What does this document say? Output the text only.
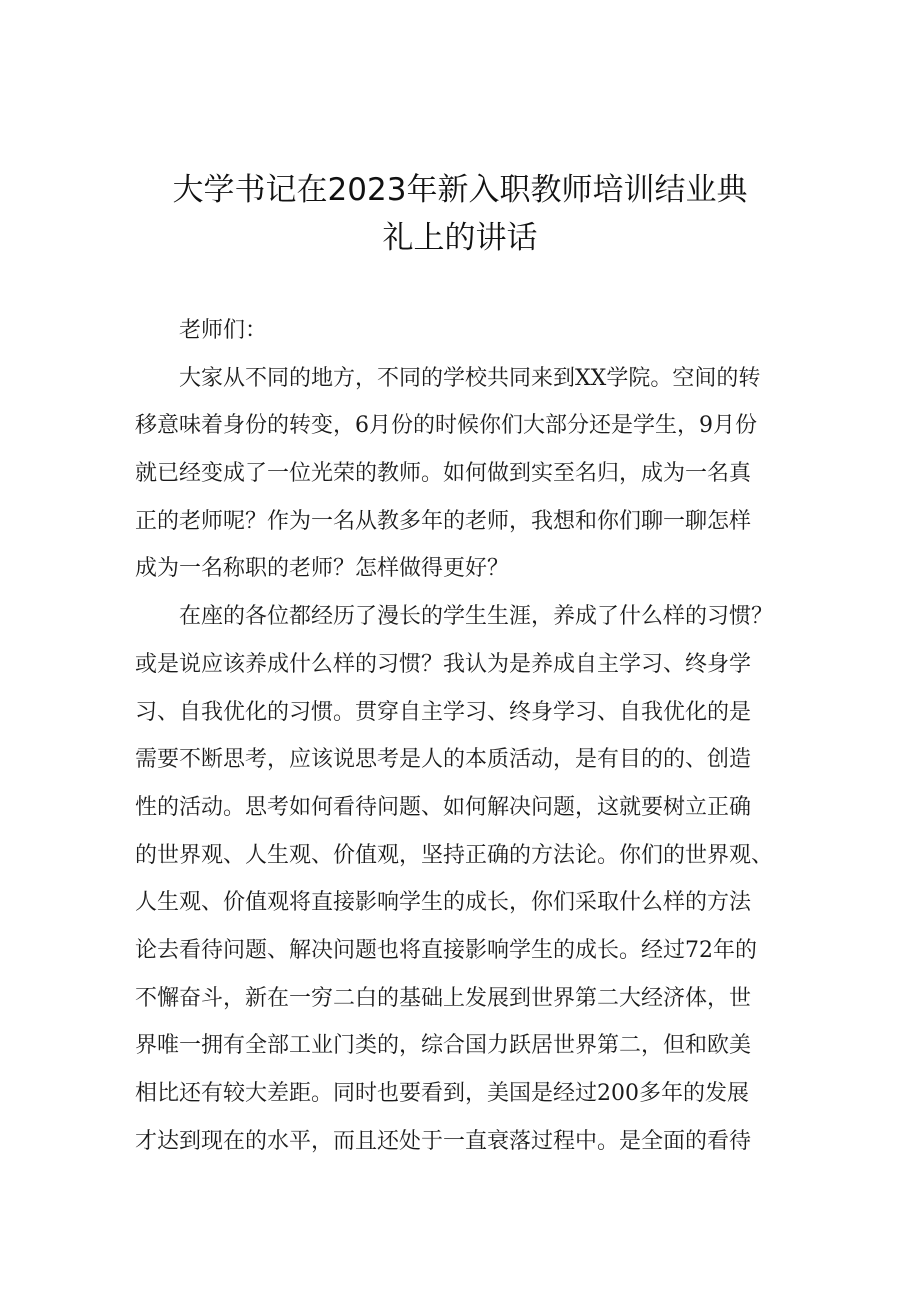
大学书记在2023年新入职教师培训结业典
礼上的讲话
老师们：
大家从不同的地方，不同的学校共同来到XX学院。空间的转
移意味着身份的转变，6月份的时候你们大部分还是学生，9月份
就已经变成了一位光荣的教师。如何做到实至名归，成为一名真
正的老师呢？作为一名从教多年的老师，我想和你们聊一聊怎样
成为一名称职的老师？怎样做得更好？
在座的各位都经历了漫长的学生生涯，养成了什么样的习惯？
或是说应该养成什么样的习惯？我认为是养成自主学习、终身学
习、自我优化的习惯。贯穿自主学习、终身学习、自我优化的是
需要不断思考，应该说思考是人的本质活动，是有目的的、创造
性的活动。思考如何看待问题、如何解决问题，这就要树立正确
的世界观、人生观、价值观，坚持正确的方法论。你们的世界观、
人生观、价值观将直接影响学生的成长，你们采取什么样的方法
论去看待问题、解决问题也将直接影响学生的成长。经过72年的
不懈奋斗，新在一穷二白的基础上发展到世界第二大经济体，世
界唯一拥有全部工业门类的，综合国力跃居世界第二，但和欧美
相比还有较大差距。同时也要看到，美国是经过200多年的发展
才达到现在的水平，而且还处于一直衰落过程中。是全面的看待
